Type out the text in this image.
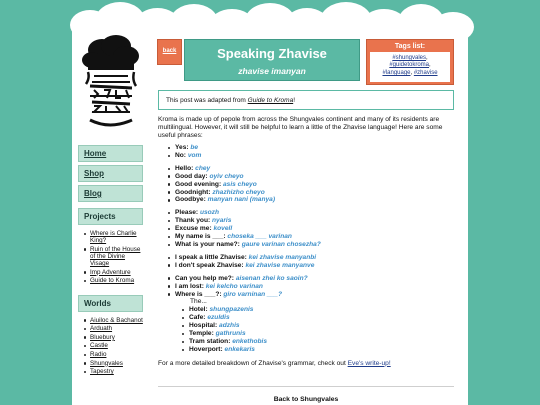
Home
Shop
Blog
Projects
Where is Charlie King?
Ruin of the House of the Divine Visage
Imp Adventure
Guide to Kroma
Worlds
Aiuiloc & Bachanot
Arduath
Bluebury
Castle
Radio
Shungvales
Tapestry
back	Speaking Zhavise
zhavise imanyan
Tags list:
#shungvales,
#guidetokroma,
#language, #zhavise
This post was adapted from Guide to Kroma!

Kroma is made up of pepole from across the Shungvales continent and many of its residents are multilingual. However, it will still be helpful to learn a little of the Zhavise language! Here are some useful phrases:

Yes: be
No: vom
Hello: chey
Good day: oyiv cheyo
Good evening: asis cheyo
Goodnight: zhazhizho cheyo
Goodbye: manyan nani (manya)
Please: usozh
Thank you: nyaris
Excuse me: kovell
My name is ___: choseka ___ varinan
What is your name?: gaure varinan chosezha?
I speak a little Zhavise: kei zhavise manyanbi
I don't speak Zhavise: kei zhavise manyanve
Can you help me?: aisenan zhei ko saoin?
I am lost: kei kelcho varinan
Where is ___?: giro varninan ___?
The...
Hotel: shungpazenis
Cafe: ezuldis
Hospital: adzhis
Temple: gathrunis
Tram station: enkethobis
Hoverport: enkekaris

For a more detailed breakdown of Zhavise's grammar, check out Eve's write-up!

Back to Shungvales
